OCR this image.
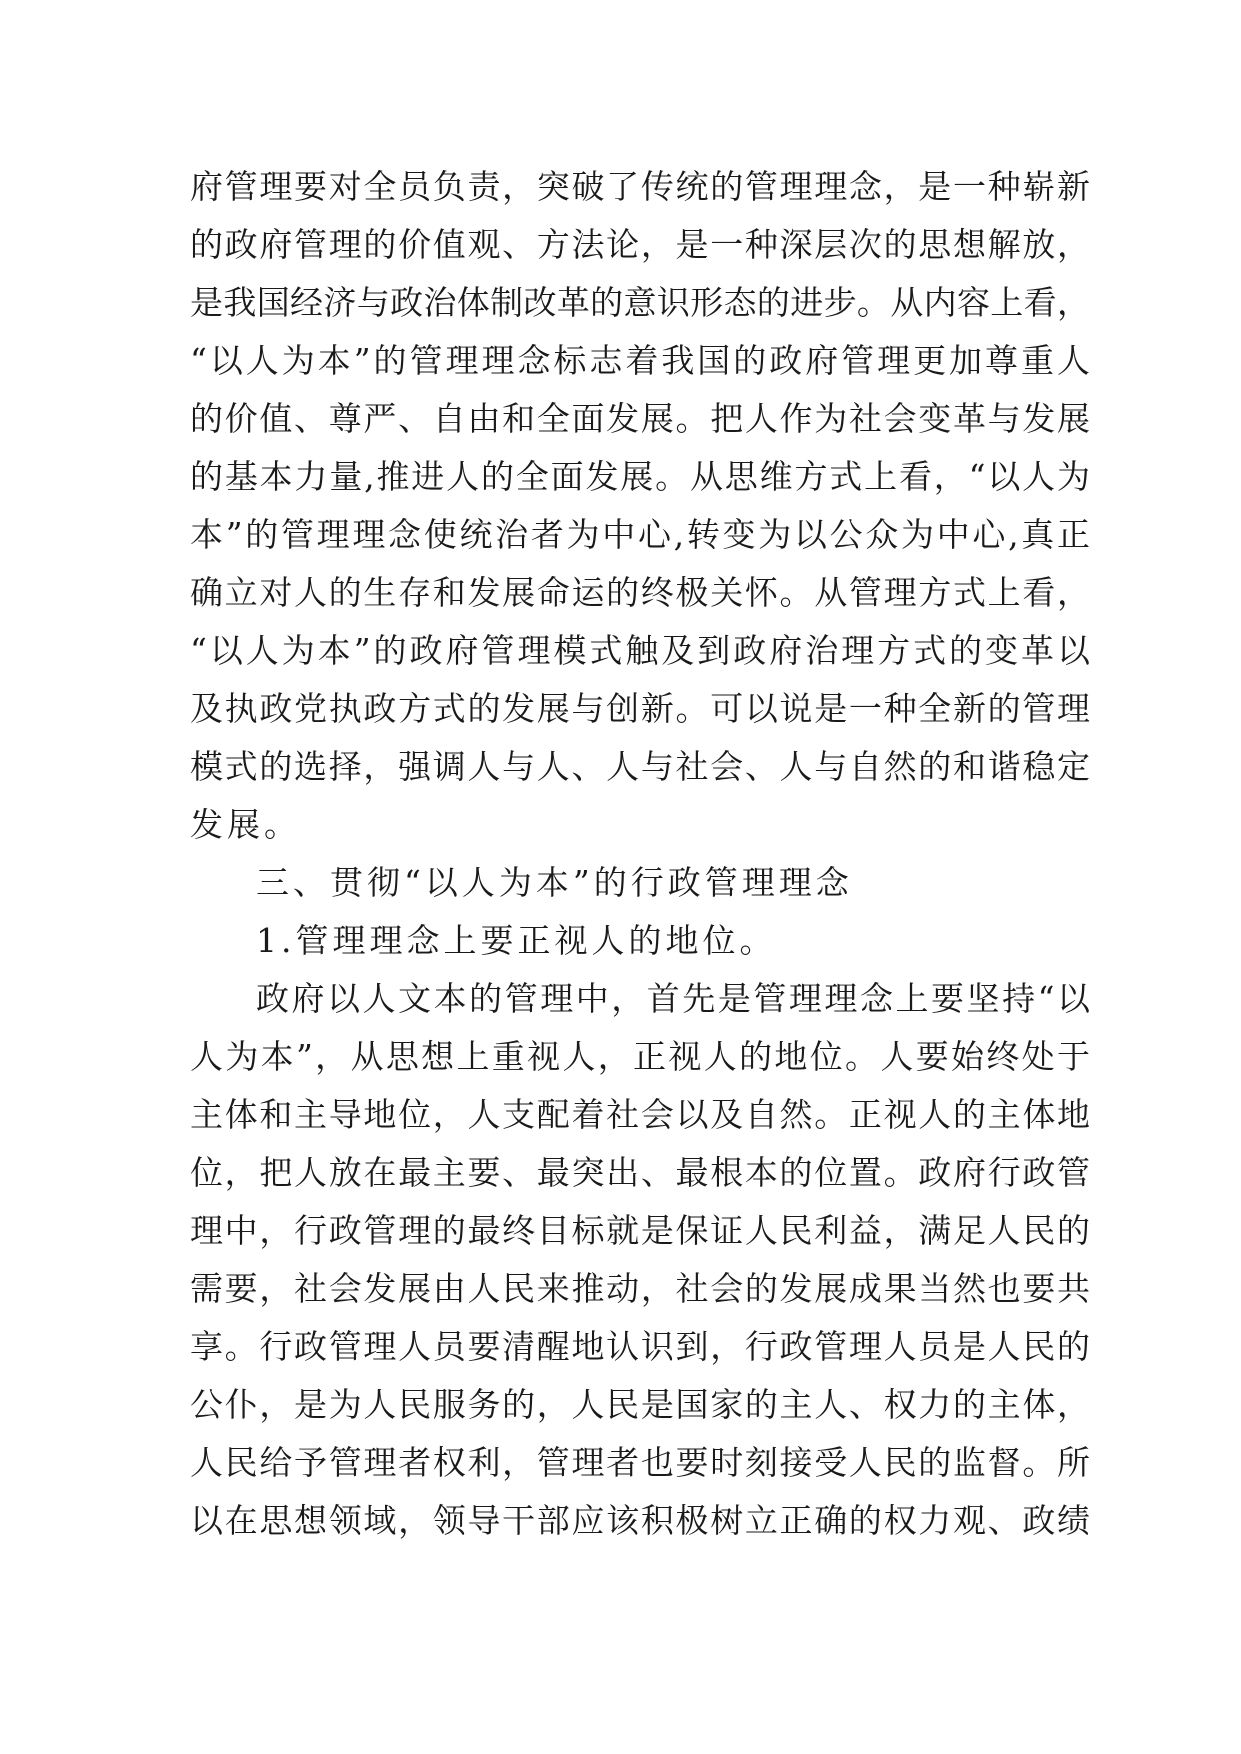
府管理要对全员负责，突破了传统的管理理念，是一种崭新
的政府管理的价值观、方法论，是一种深层次的思想解放，
是我国经济与政治体制改革的意识形态的进步。从内容上看，
“以人为本”的管理理念标志着我国的政府管理更加尊重人
的价值、尊严、自由和全面发展。把人作为社会变革与发展
的基本力量,推进人的全面发展。从思维方式上看，“以人为
本”的管理理念使统治者为中心,转变为以公众为中心,真正
确立对人的生存和发展命运的终极关怀。从管理方式上看，
“以人为本”的政府管理模式触及到政府治理方式的变革以
及执政党执政方式的发展与创新。可以说是一种全新的管理
模式的选择，强调人与人、人与社会、人与自然的和谐稳定
发展。
三、贯彻“以人为本”的行政管理理念
1.管理理念上要正视人的地位。
政府以人文本的管理中，首先是管理理念上要坚持“以
人为本”，从思想上重视人，正视人的地位。人要始终处于
主体和主导地位，人支配着社会以及自然。正视人的主体地
位，把人放在最主要、最突出、最根本的位置。政府行政管
理中，行政管理的最终目标就是保证人民利益，满足人民的
需要，社会发展由人民来推动，社会的发展成果当然也要共
享。行政管理人员要清醒地认识到，行政管理人员是人民的
公仆，是为人民服务的，人民是国家的主人、权力的主体，
人民给予管理者权利，管理者也要时刻接受人民的监督。所
以在思想领域，领导干部应该积极树立正确的权力观、政绩
